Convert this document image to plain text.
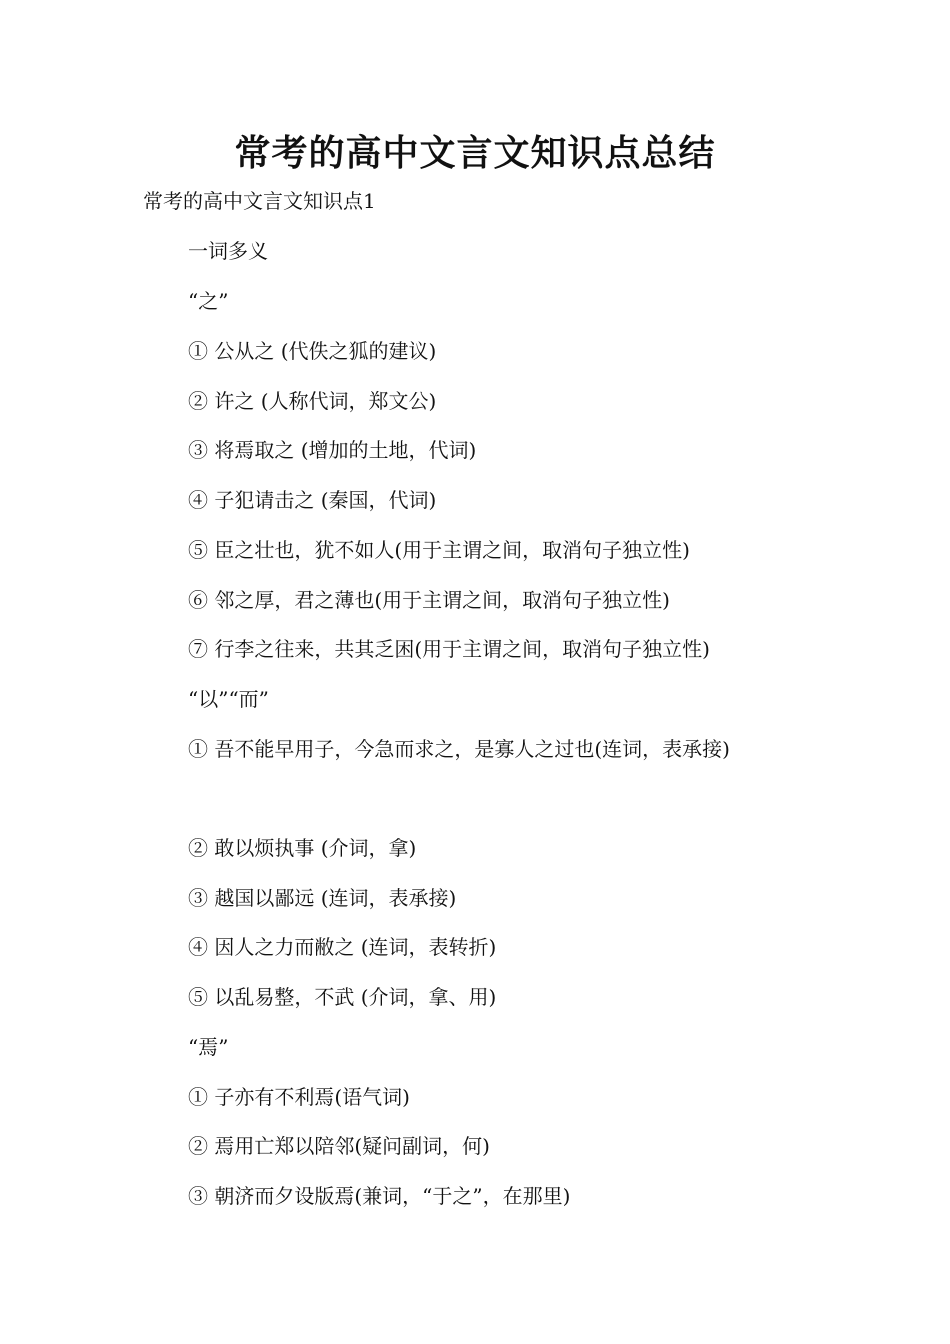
常考的高中文言文知识点总结
常考的高中文言文知识点1
一词多义
“之”
① 公从之 (代佚之狐的建议)
② 许之 (人称代词，郑文公)
③ 将焉取之 (增加的土地，代词)
④ 子犯请击之 (秦国，代词)
⑤ 臣之壮也，犹不如人(用于主谓之间，取消句子独立性)
⑥ 邻之厚，君之薄也(用于主谓之间，取消句子独立性)
⑦ 行李之往来，共其乏困(用于主谓之间，取消句子独立性)
“以”“而”
① 吾不能早用子，今急而求之，是寡人之过也(连词，表承接)
② 敢以烦执事 (介词，拿)
③ 越国以鄙远 (连词，表承接)
④ 因人之力而敝之 (连词，表转折)
⑤ 以乱易整，不武 (介词，拿、用)
“焉”
① 子亦有不利焉(语气词)
② 焉用亡郑以陪邻(疑问副词，何)
③ 朝济而夕设版焉(兼词，“于之”，在那里)
